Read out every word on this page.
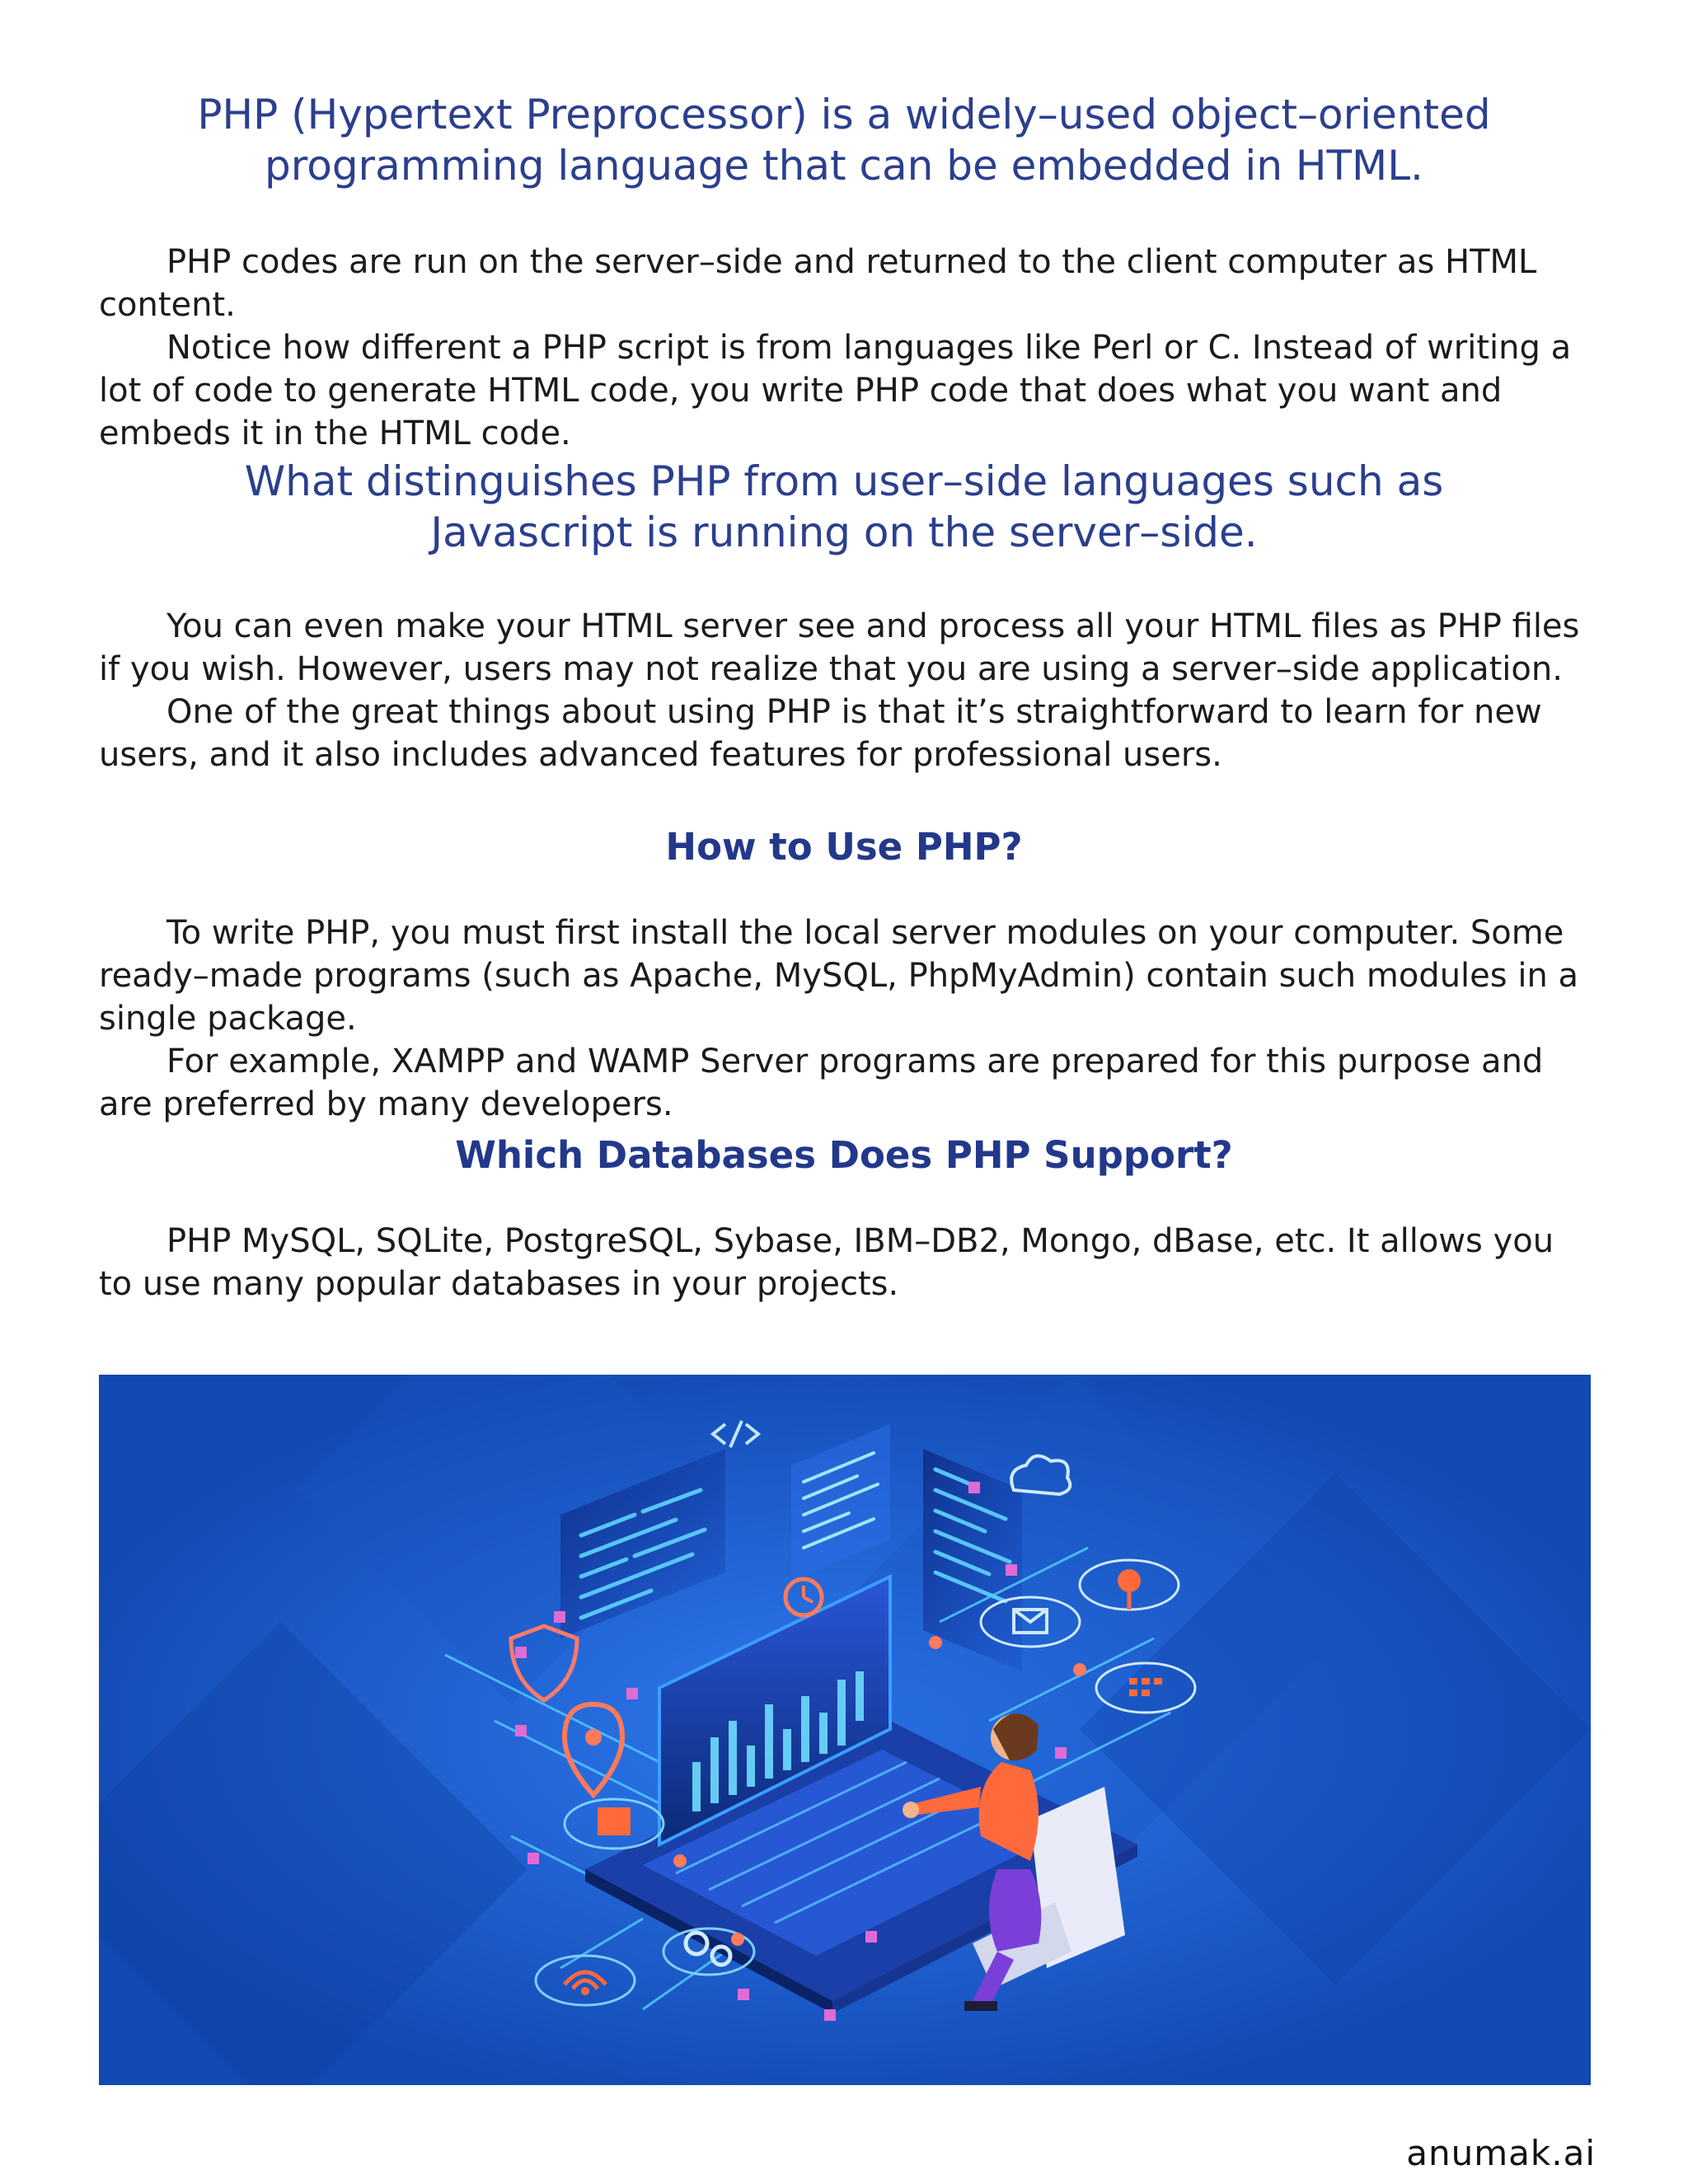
PHP (Hypertext Preprocessor) is a widely–used object–oriented
programming language that can be embedded in HTML.

PHP codes are run on the server–side and returned to the client computer as HTML content.

Notice how different a PHP script is from languages like Perl or C. Instead of writing a lot of code to generate HTML code, you write PHP code that does what you want and embeds it in the HTML code.

What distinguishes PHP from user–side languages such as
Javascript is running on the server–side.

You can even make your HTML server see and process all your HTML files as PHP files if you wish. However, users may not realize that you are using a server–side application.

One of the great things about using PHP is that it’s straightforward to learn for new users, and it also includes advanced features for professional users.

How to Use PHP?

To write PHP, you must first install the local server modules on your computer. Some ready–made programs (such as Apache, MySQL, PhpMyAdmin) contain such modules in a single package.

For example, XAMPP and WAMP Server programs are prepared for this purpose and are preferred by many developers.

Which Databases Does PHP Support?

PHP MySQL, SQLite, PostgreSQL, Sybase, IBM–DB2, Mongo, dBase, etc. It allows you to use many popular databases in your projects.

anumak.ai
